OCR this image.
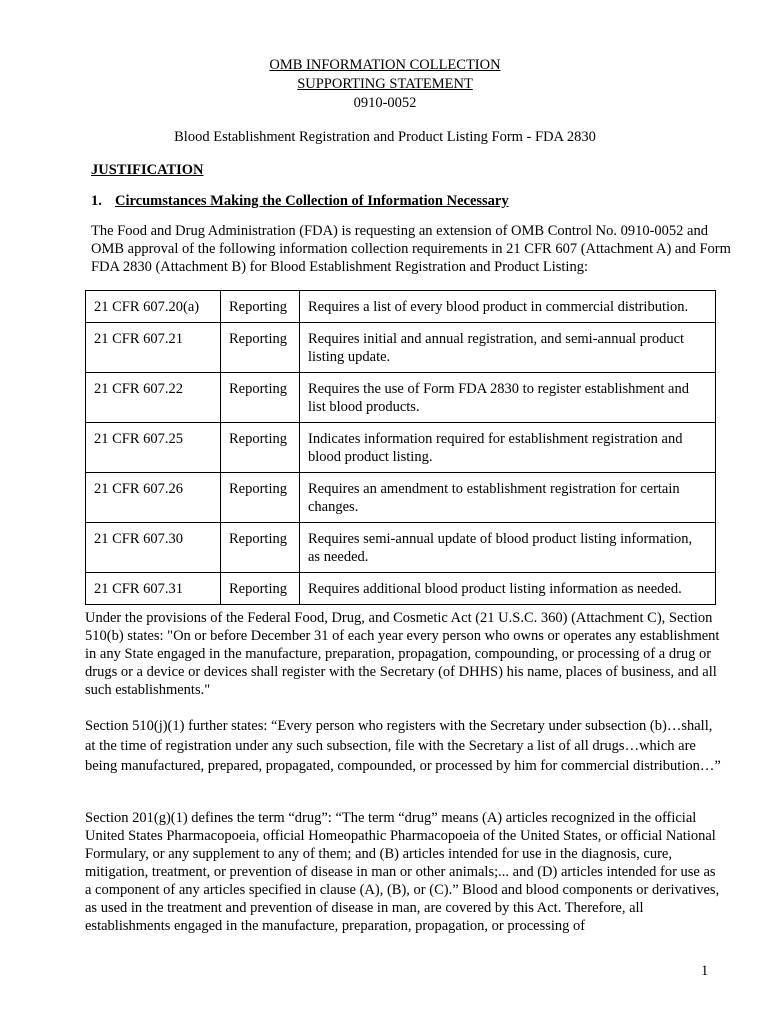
OMB INFORMATION COLLECTION
SUPPORTING STATEMENT
0910-0052
Blood Establishment Registration and Product Listing Form - FDA 2830
JUSTIFICATION
1. Circumstances Making the Collection of Information Necessary
The Food and Drug Administration (FDA) is requesting an extension of OMB Control No. 0910-0052 and OMB approval of the following information collection requirements in 21 CFR 607 (Attachment A) and Form FDA 2830 (Attachment B) for Blood Establishment Registration and Product Listing:
21 CFR 607.20(a)	Reporting	Requires a list of every blood product in commercial distribution.
21 CFR 607.21	Reporting	Requires initial and annual registration, and semi-annual product listing update.
21 CFR 607.22	Reporting	Requires the use of Form FDA 2830 to register establishment and list blood products.
21 CFR 607.25	Reporting	Indicates information required for establishment registration and blood product listing.
21 CFR 607.26	Reporting	Requires an amendment to establishment registration for certain changes.
21 CFR 607.30	Reporting	Requires semi-annual update of blood product listing information, as needed.
21 CFR 607.31	Reporting	Requires additional blood product listing information as needed.
Under the provisions of the Federal Food, Drug, and Cosmetic Act (21 U.S.C. 360) (Attachment C), Section 510(b) states: "On or before December 31 of each year every person who owns or operates any establishment in any State engaged in the manufacture, preparation, propagation, compounding, or processing of a drug or drugs or a device or devices shall register with the Secretary (of DHHS) his name, places of business, and all such establishments."
Section 510(j)(1) further states: “Every person who registers with the Secretary under subsection (b)…shall, at the time of registration under any such subsection, file with the Secretary a list of all drugs…which are being manufactured, prepared, propagated, compounded, or processed by him for commercial distribution…”
Section 201(g)(1) defines the term “drug”: “The term “drug” means (A) articles recognized in the official United States Pharmacopoeia, official Homeopathic Pharmacopoeia of the United States, or official National Formulary, or any supplement to any of them; and (B) articles intended for use in the diagnosis, cure, mitigation, treatment, or prevention of disease in man or other animals;... and (D) articles intended for use as a component of any articles specified in clause (A), (B), or (C).” Blood and blood components or derivatives, as used in the treatment and prevention of disease in man, are covered by this Act. Therefore, all establishments engaged in the manufacture, preparation, propagation, or processing of
1
